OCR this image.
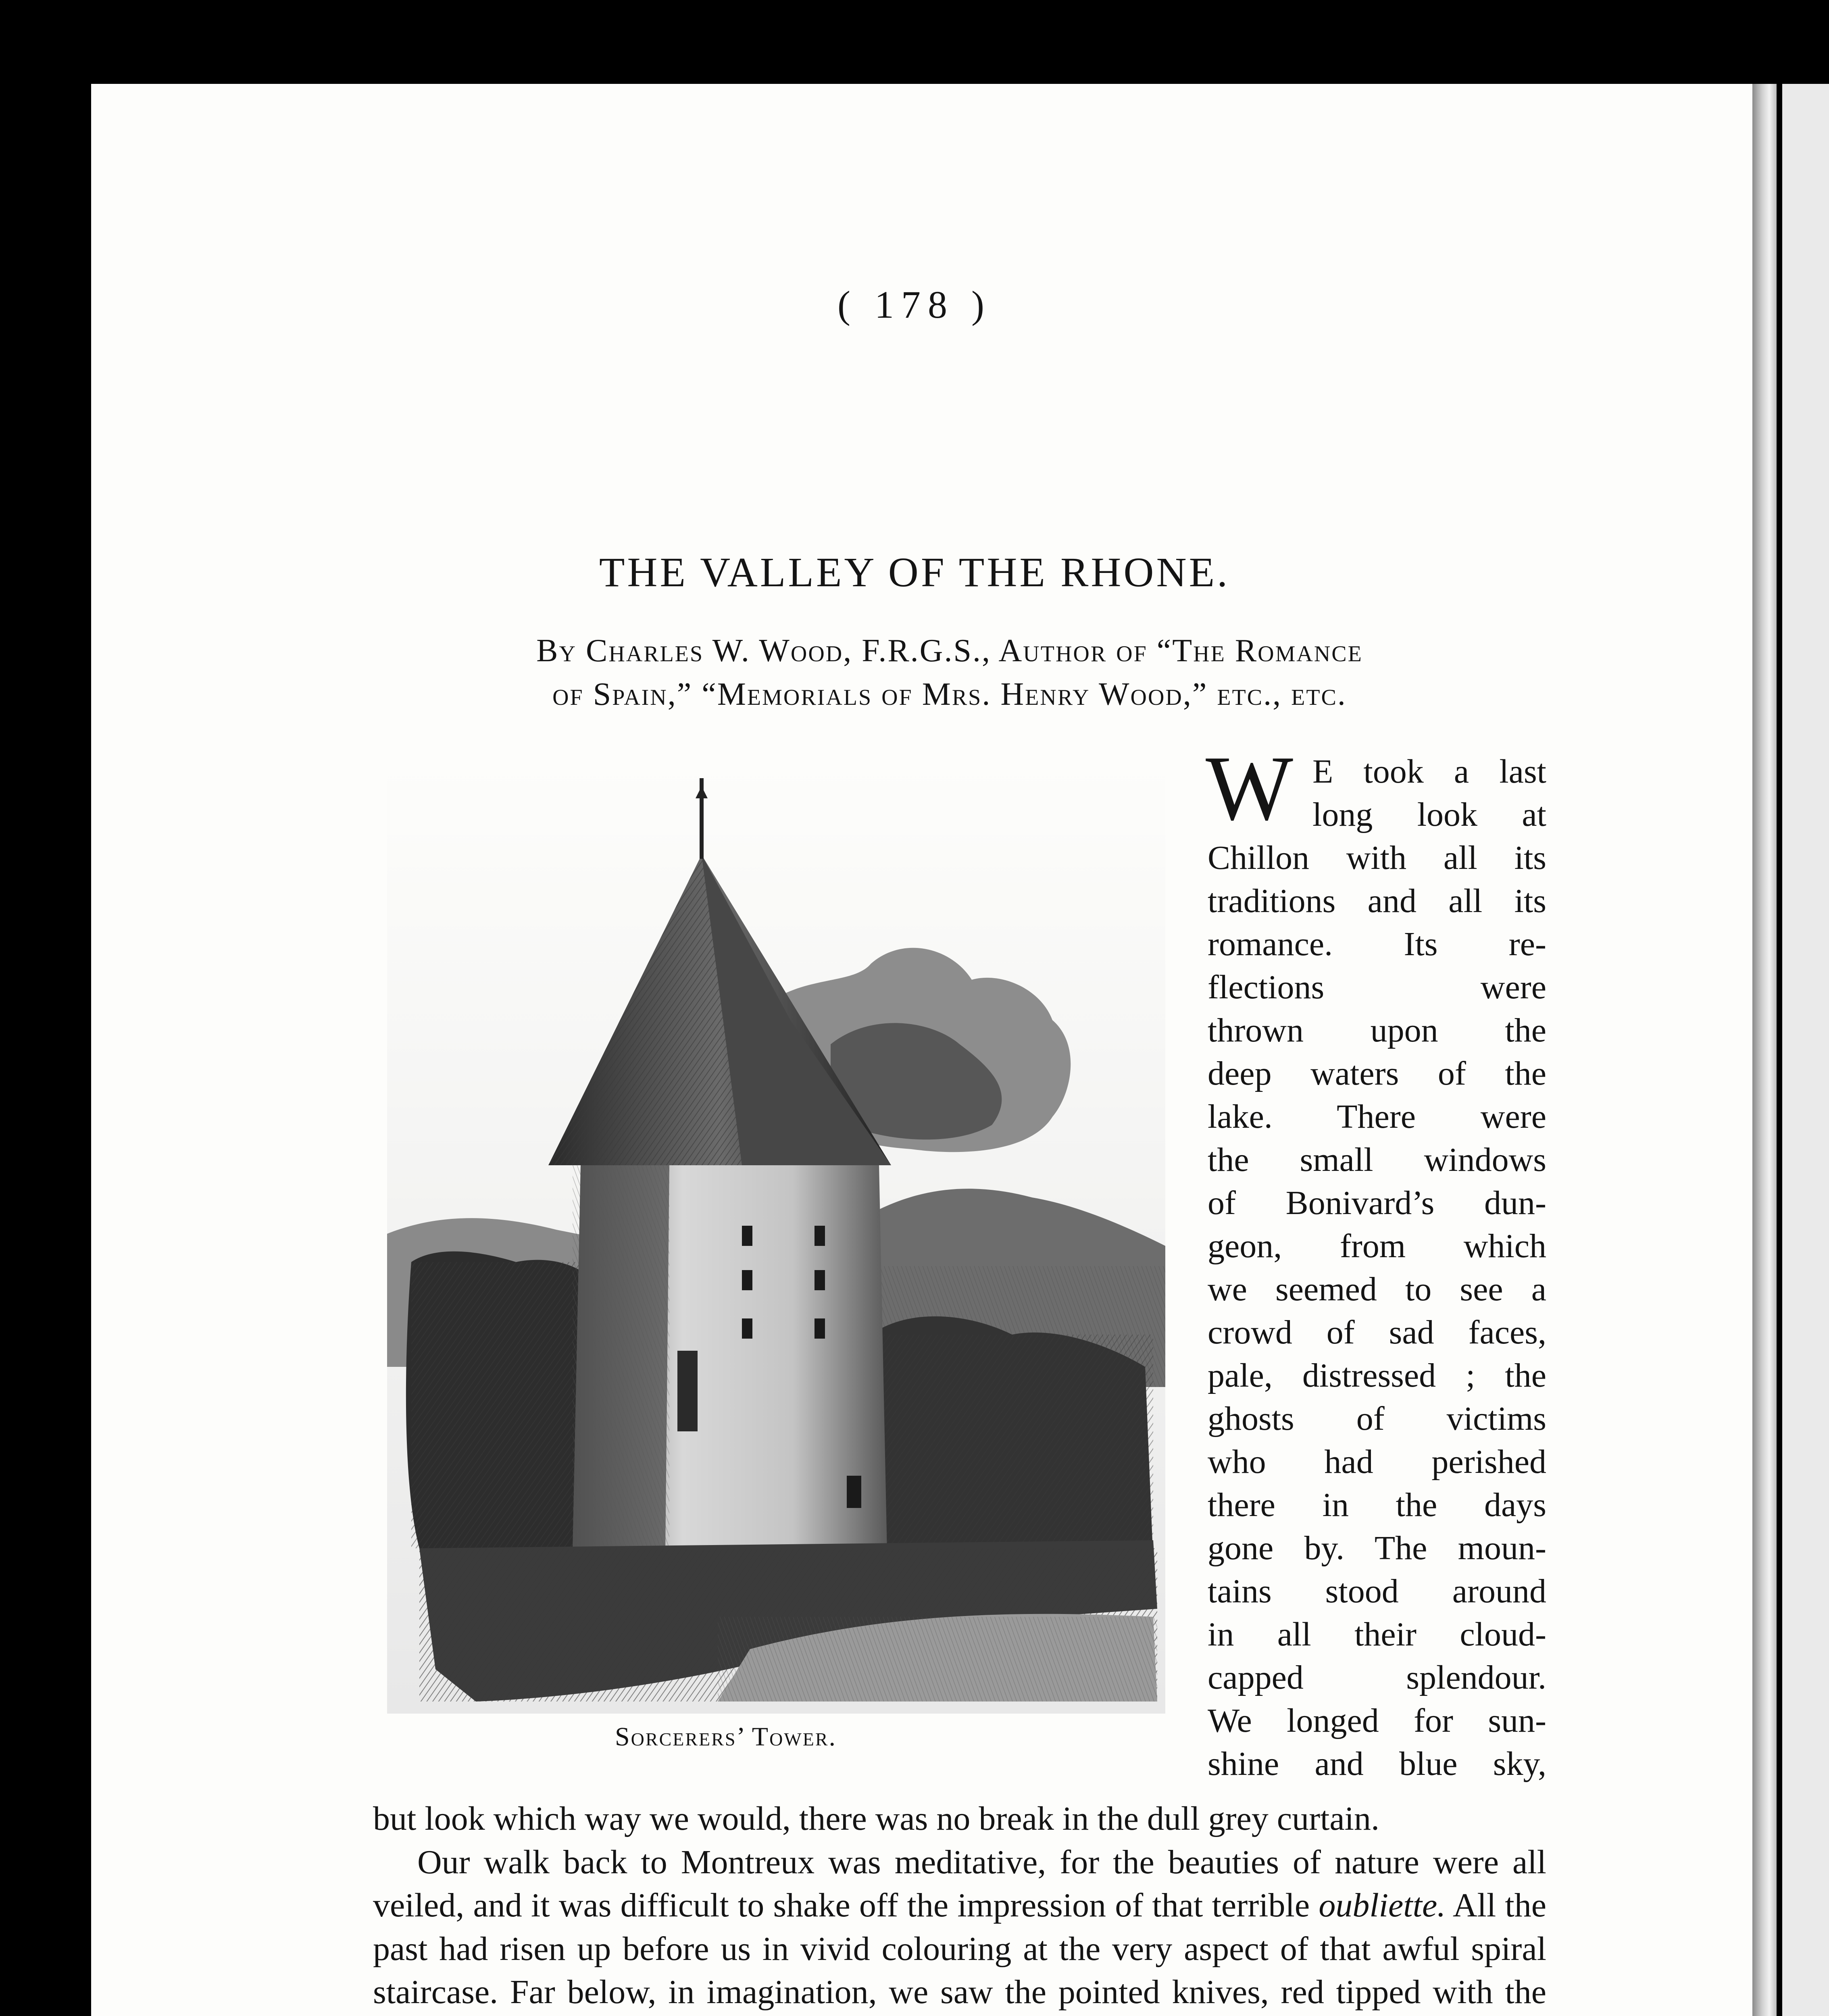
( 178 )
THE VALLEY OF THE RHONE.
By Charles W. Wood, F.R.G.S., Author of “The Romance
of Spain,” “Memorials of Mrs. Henry Wood,” etc., etc.
Sorcerers’ Tower.
W E took a last
long look at
Chillon with all its
traditions and all its
romance. Its re-
flections were
thrown upon the
deep waters of the
lake. There were
the small windows
of Bonivard’s dun-
geon, from which
we seemed to see a
crowd of sad faces,
pale, distressed ; the
ghosts of victims
who had perished
there in the days
gone by. The moun-
tains stood around
in all their cloud-
capped splendour.
We longed for sun-
shine and blue sky,

but look which way we would, there was no break in the dull grey curtain.

Our walk back to Montreux was meditative, for the beauties of nature were all veiled, and it was difficult to shake off the impression of that terrible oubliette. All the past had risen up before us in vivid colouring at the very aspect of that awful spiral staircase. Far below, in imagination, we saw the pointed knives, red tipped with the
